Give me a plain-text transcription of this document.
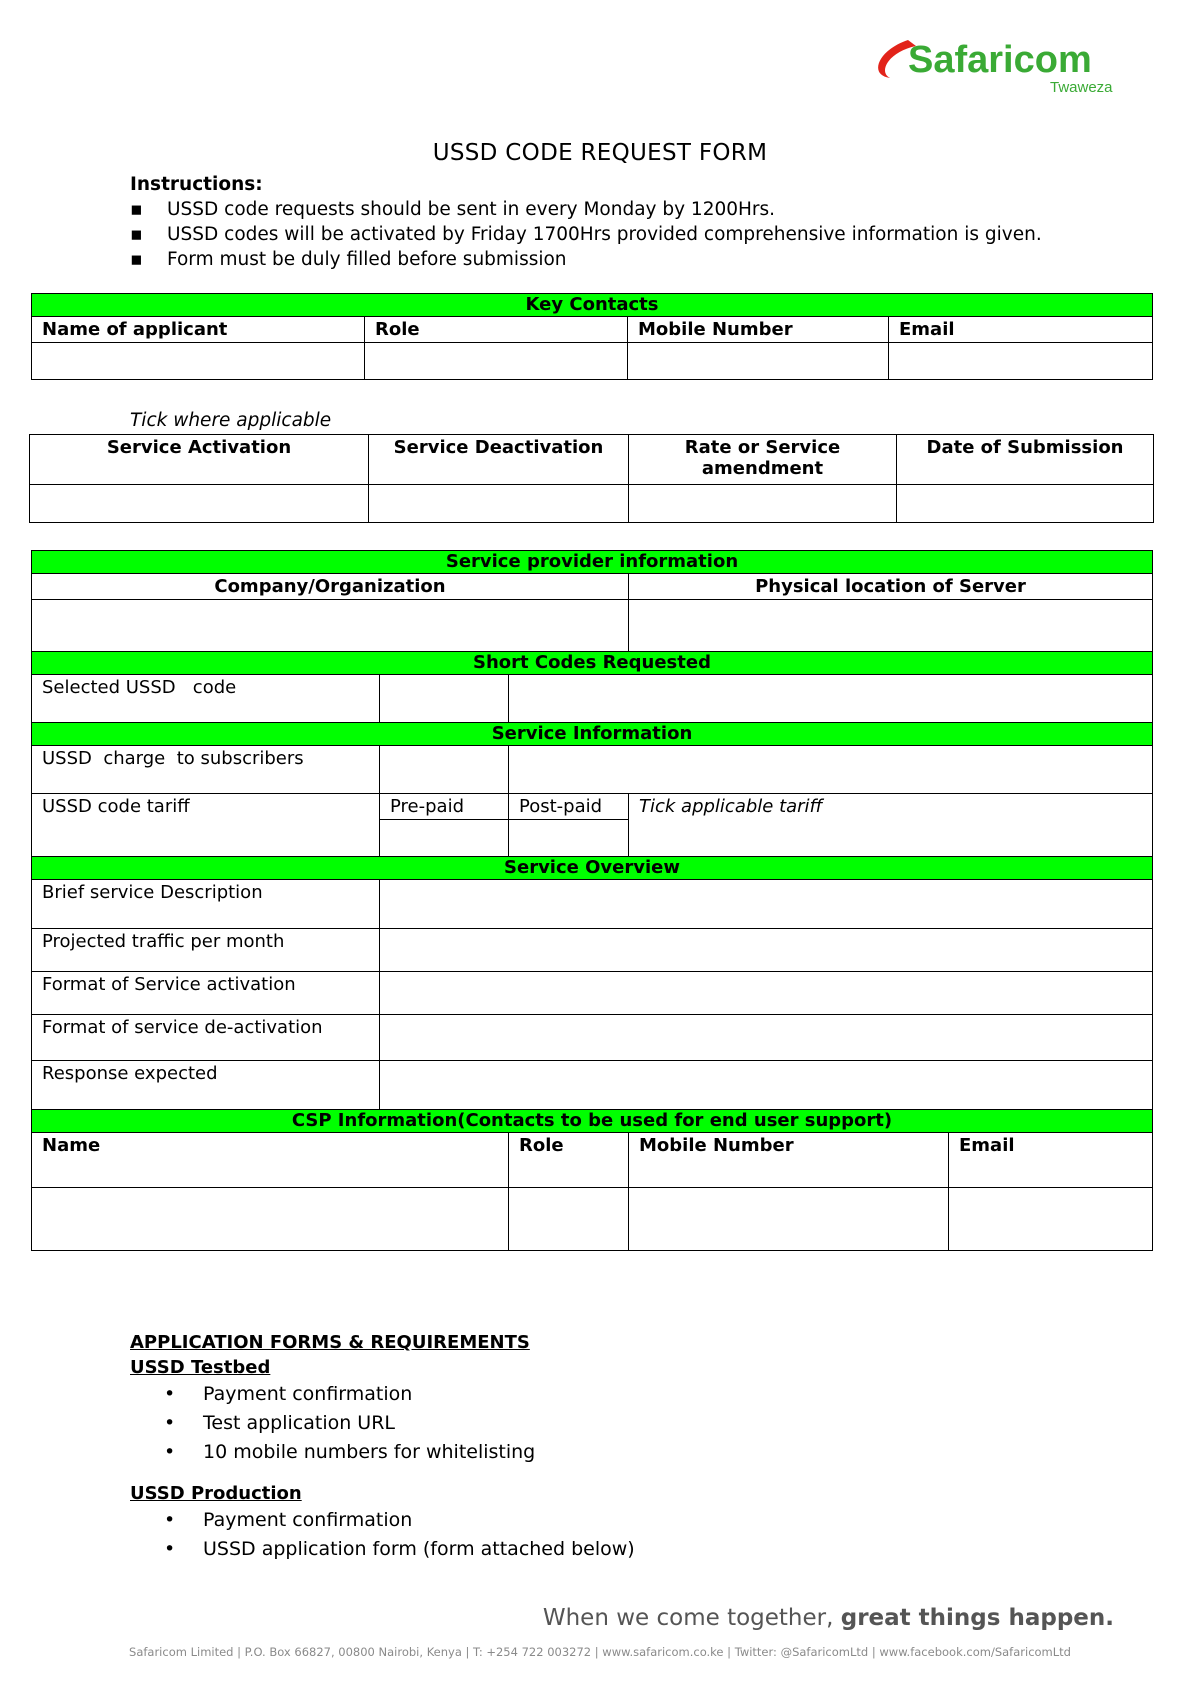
Safaricom
Twaweza
USSD CODE REQUEST FORM
Instructions:
▪ USSD code requests should be sent in every Monday by 1200Hrs.
▪ USSD codes will be activated by Friday 1700Hrs provided comprehensive information is given.
▪ Form must be duly filled before submission
Key Contacts			
Name of applicant	Role	Mobile Number	Email

Tick where applicable
Service Activation	Service Deactivation	Rate or Service amendment	Date of Submission

Service provider information				
Company/Organization			Physical location of Server	

Short Codes Requested				
Selected USSD   code				
Service Information				
USSD  charge  to subscribers				
USSD code tariff	Pre-paid	Post-paid	Tick applicable tariff	

Service Overview				
Brief service Description				
Projected traffic per month				
Format of Service activation				
Format of service de-activation				
Response expected				
CSP Information(Contacts to be used for end user support)				
Name		Role	Mobile Number	Email

APPLICATION FORMS & REQUIREMENTS
USSD Testbed
• Payment confirmation
• Test application URL
• 10 mobile numbers for whitelisting
USSD Production
• Payment confirmation
• USSD application form (form attached below)
When we come together, great things happen.
Safaricom Limited | P.O. Box 66827, 00800 Nairobi, Kenya | T: +254 722 003272 | www.safaricom.co.ke | Twitter: @SafaricomLtd | www.facebook.com/SafaricomLtd
